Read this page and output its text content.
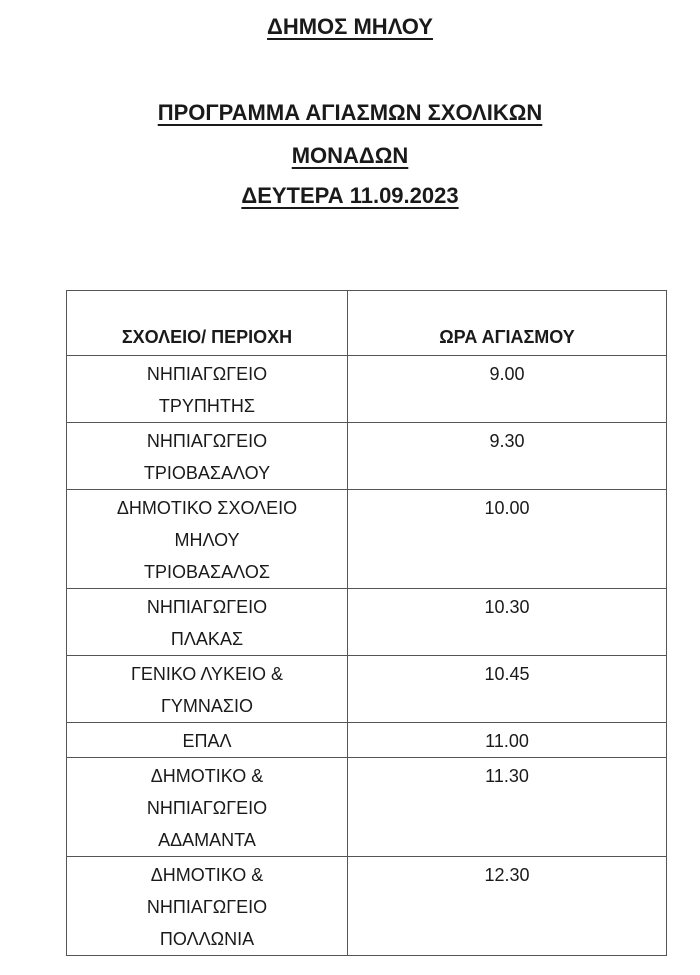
ΔΗΜΟΣ ΜΗΛΟΥ
ΠΡΟΓΡΑΜΜΑ ΑΓΙΑΣΜΩΝ ΣΧΟΛΙΚΩΝ
ΜΟΝΑΔΩΝ
ΔΕΥΤΕΡΑ 11.09.2023
ΣΧΟΛΕΙΟ/ ΠΕΡΙΟΧΗ	ΩΡΑ ΑΓΙΑΣΜΟΥ

ΝΗΠΙΑΓΩΓΕΙΟ
ΤΡΥΠΗΤΗΣ	9.00

ΝΗΠΙΑΓΩΓΕΙΟ
ΤΡΙΟΒΑΣΑΛΟΥ	9.30

ΔΗΜΟΤΙΚΟ ΣΧΟΛΕΙΟ
ΜΗΛΟΥ
ΤΡΙΟΒΑΣΑΛΟΣ	10.00

ΝΗΠΙΑΓΩΓΕΙΟ
ΠΛΑΚΑΣ	10.30

ΓΕΝΙΚΟ ΛΥΚΕΙΟ &
ΓΥΜΝΑΣΙΟ	10.45

ΕΠΑΛ	11.00

ΔΗΜΟΤΙΚΟ &
ΝΗΠΙΑΓΩΓΕΙΟ
ΑΔΑΜΑΝΤΑ	11.30

ΔΗΜΟΤΙΚΟ &
ΝΗΠΙΑΓΩΓΕΙΟ
ΠΟΛΛΩΝΙΑ	12.30
